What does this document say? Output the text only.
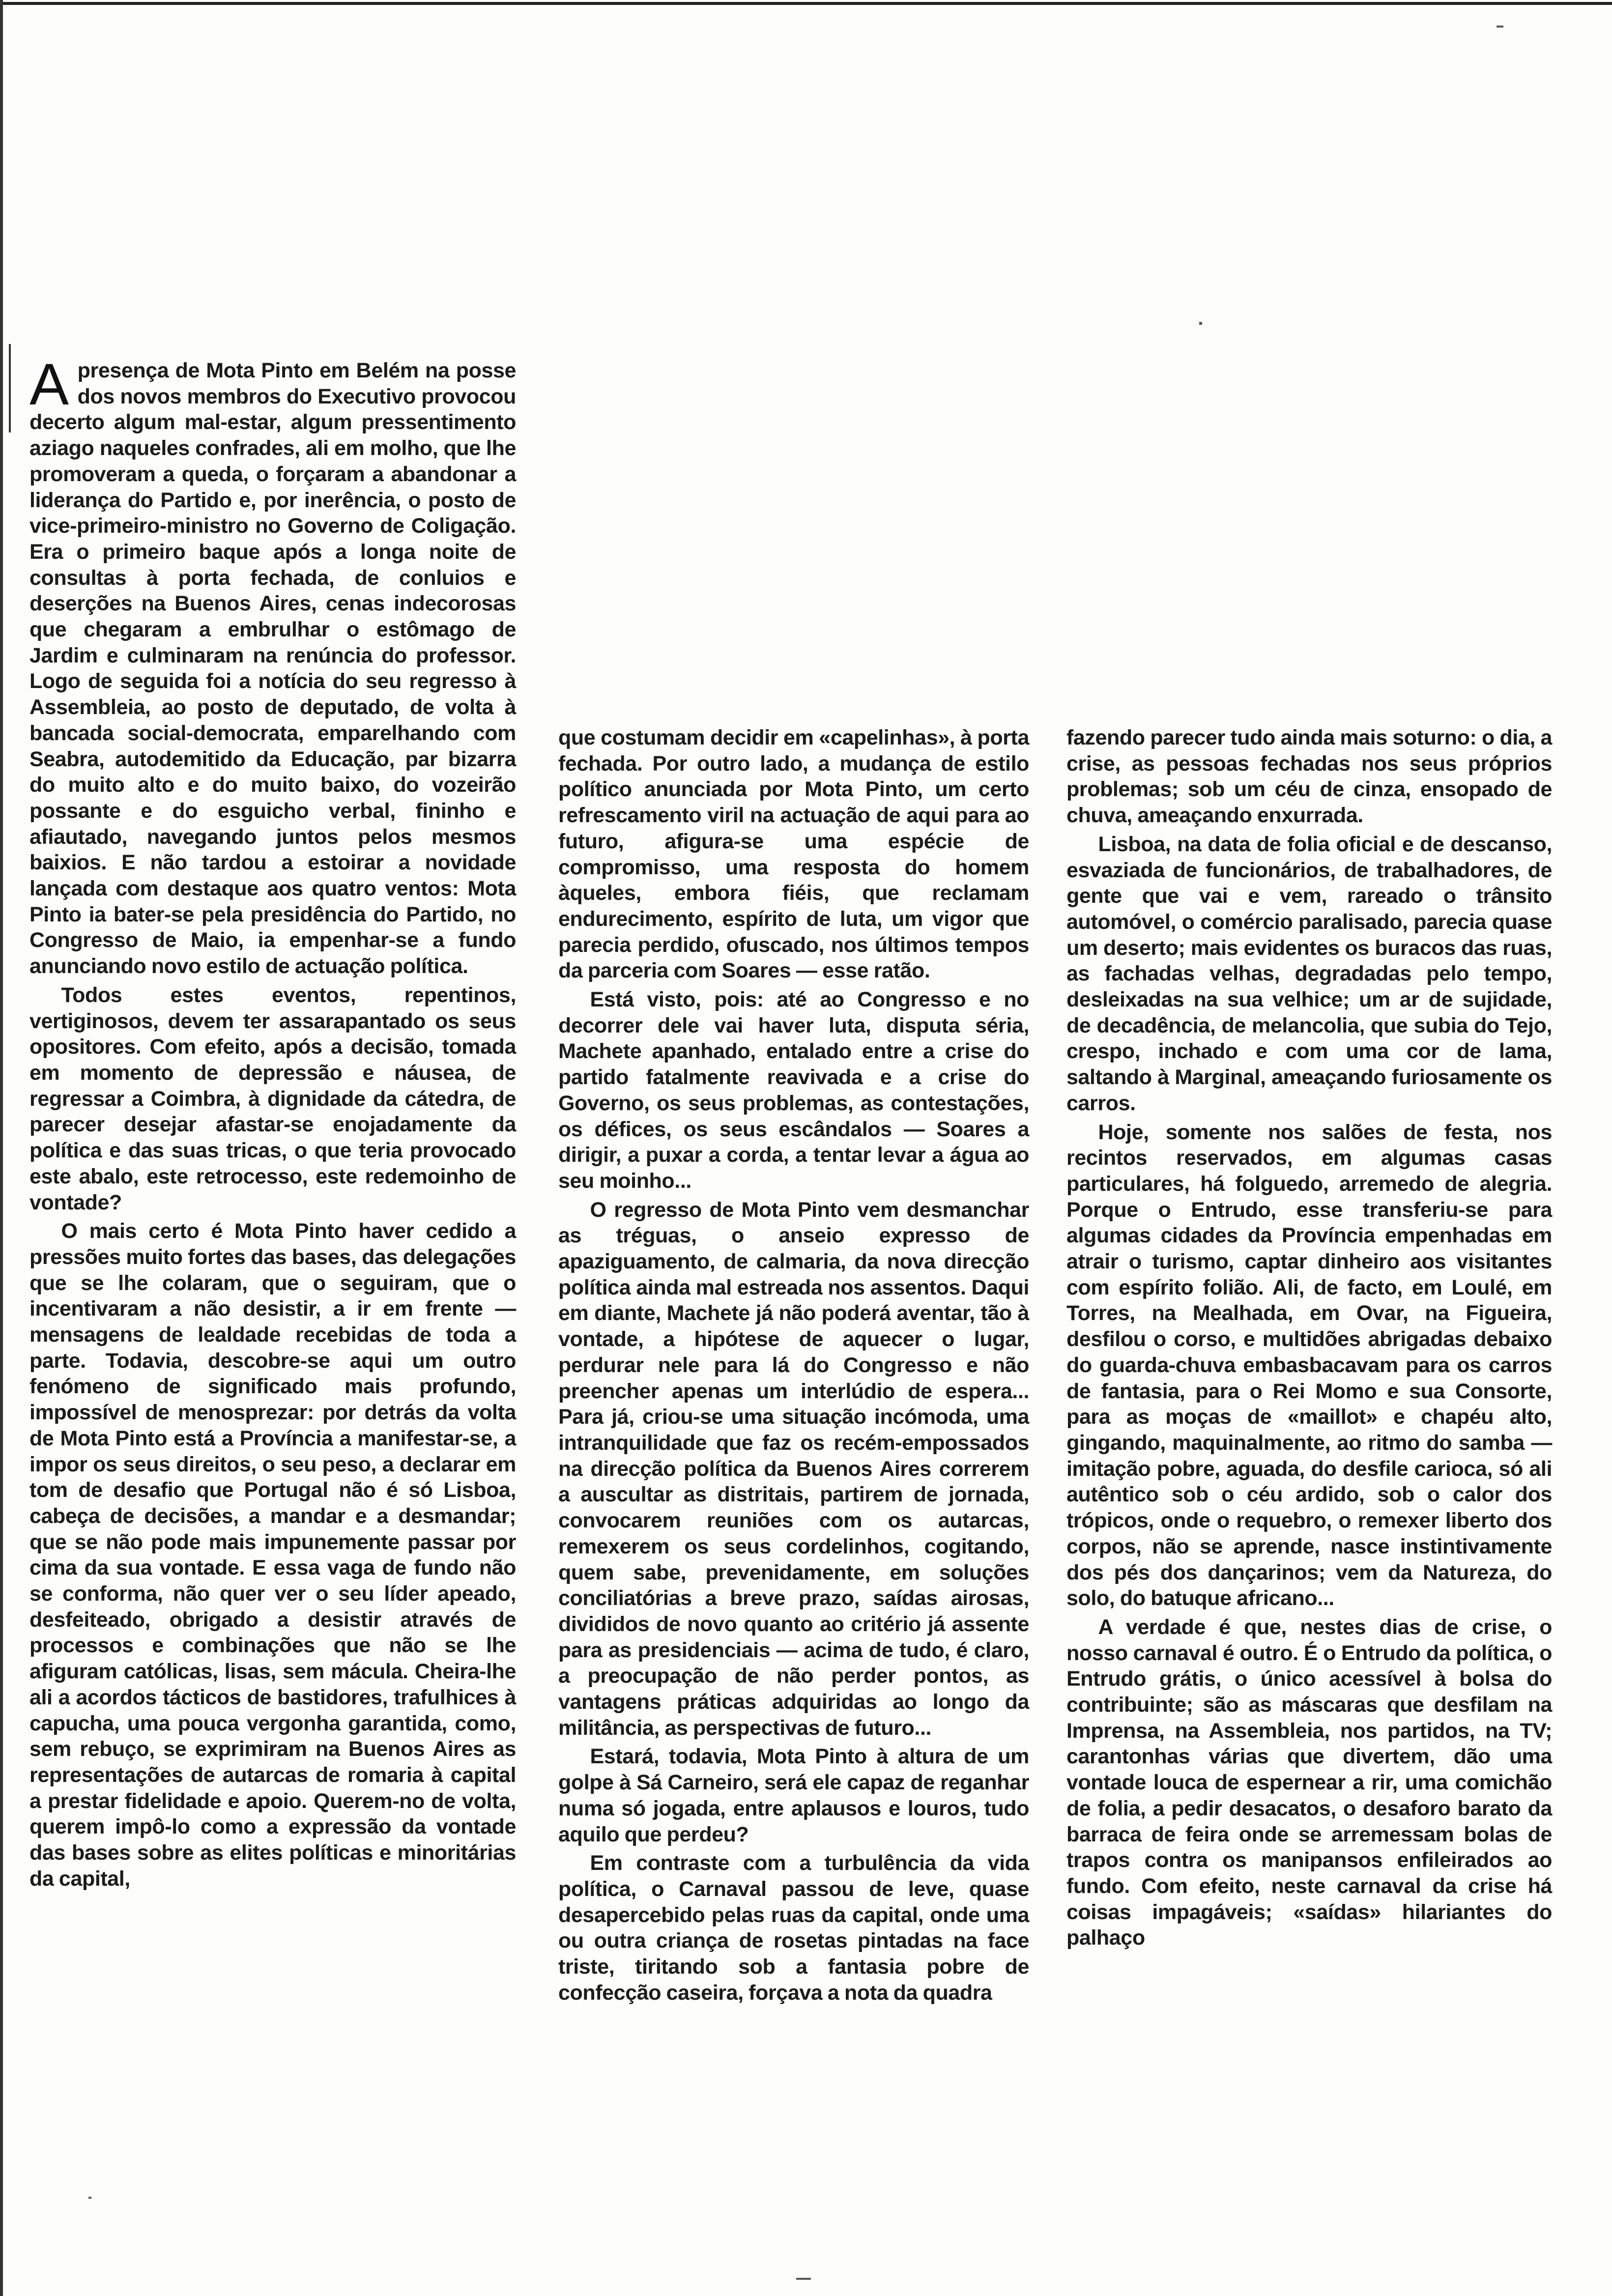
Apresença de Mota Pinto em Belém na posse dos novos membros do Executivo provocou decerto algum mal-estar, algum pressentimento aziago naqueles confrades, ali em molho, que lhe promoveram a queda, o forçaram a abandonar a liderança do Partido e, por inerência, o posto de vice-primeiro-ministro no Governo de Coligação. Era o primeiro baque após a longa noite de consultas à porta fechada, de conluios e deserções na Buenos Aires, cenas indecorosas que chegaram a embrulhar o estômago de Jardim e culminaram na renúncia do professor. Logo de seguida foi a notícia do seu regresso à Assembleia, ao posto de deputado, de volta à bancada social-democrata, emparelhando com Seabra, autodemitido da Educação, par bizarra do muito alto e do muito baixo, do vozeirão possante e do esguicho verbal, fininho e afiautado, navegando juntos pelos mesmos baixios. E não tardou a estoirar a novidade lançada com destaque aos quatro ventos: Mota Pinto ia bater-se pela presidência do Partido, no Congresso de Maio, ia empenhar-se a fundo anunciando novo estilo de actuação política.

Todos estes eventos, repentinos, vertiginosos, devem ter assarapantado os seus opositores. Com efeito, após a decisão, tomada em momento de depressão e náusea, de regressar a Coimbra, à dignidade da cátedra, de parecer desejar afastar-se enojadamente da política e das suas tricas, o que teria provocado este abalo, este retrocesso, este redemoinho de vontade?

O mais certo é Mota Pinto haver cedido a pressões muito fortes das bases, das delegações que se lhe colaram, que o seguiram, que o incentivaram a não desistir, a ir em frente — mensagens de lealdade recebidas de toda a parte. Todavia, descobre-se aqui um outro fenómeno de significado mais profundo, impossível de menosprezar: por detrás da volta de Mota Pinto está a Província a manifestar-se, a impor os seus direitos, o seu peso, a declarar em tom de desafio que Portugal não é só Lisboa, cabeça de decisões, a mandar e a desmandar; que se não pode mais impunemente passar por cima da sua vontade. E essa vaga de fundo não se conforma, não quer ver o seu líder apeado, desfeiteado, obrigado a desistir através de processos e combinações que não se lhe afiguram católicas, lisas, sem mácula. Cheira-lhe ali a acordos tácticos de bastidores, trafulhices à capucha, uma pouca vergonha garantida, como, sem rebuço, se exprimiram na Buenos Aires as representações de autarcas de romaria à capital a prestar fidelidade e apoio. Querem-no de volta, querem impô-lo como a expressão da vontade das bases sobre as elites políticas e minoritárias da capital,

que costumam decidir em «capelinhas», à porta fechada. Por outro lado, a mudança de estilo político anunciada por Mota Pinto, um certo refrescamento viril na actuação de aqui para ao futuro, afigura-se uma espécie de compromisso, uma resposta do homem àqueles, embora fiéis, que reclamam endurecimento, espírito de luta, um vigor que parecia perdido, ofuscado, nos últimos tempos da parceria com Soares — esse ratão.

Está visto, pois: até ao Congresso e no decorrer dele vai haver luta, disputa séria, Machete apanhado, entalado entre a crise do partido fatalmente reavivada e a crise do Governo, os seus problemas, as contestações, os défices, os seus escândalos — Soares a dirigir, a puxar a corda, a tentar levar a água ao seu moinho...

O regresso de Mota Pinto vem desmanchar as tréguas, o anseio expresso de apaziguamento, de calmaria, da nova direcção política ainda mal estreada nos assentos. Daqui em diante, Machete já não poderá aventar, tão à vontade, a hipótese de aquecer o lugar, perdurar nele para lá do Congresso e não preencher apenas um interlúdio de espera... Para já, criou-se uma situação incómoda, uma intranquilidade que faz os recém-empossados na direcção política da Buenos Aires correrem a auscultar as distritais, partirem de jornada, convocarem reuniões com os autarcas, remexerem os seus cordelinhos, cogitando, quem sabe, prevenidamente, em soluções conciliatórias a breve prazo, saídas airosas, divididos de novo quanto ao critério já assente para as presidenciais — acima de tudo, é claro, a preocupação de não perder pontos, as vantagens práticas adquiridas ao longo da militância, as perspectivas de futuro...

Estará, todavia, Mota Pinto à altura de um golpe à Sá Carneiro, será ele capaz de reganhar numa só jogada, entre aplausos e louros, tudo aquilo que perdeu?

Em contraste com a turbulência da vida política, o Carnaval passou de leve, quase desapercebido pelas ruas da capital, onde uma ou outra criança de rosetas pintadas na face triste, tiritando sob a fantasia pobre de confecção caseira, forçava a nota da quadra

fazendo parecer tudo ainda mais soturno: o dia, a crise, as pessoas fechadas nos seus próprios problemas; sob um céu de cinza, ensopado de chuva, ameaçando enxurrada.

Lisboa, na data de folia oficial e de descanso, esvaziada de funcionários, de trabalhadores, de gente que vai e vem, rareado o trânsito automóvel, o comércio paralisado, parecia quase um deserto; mais evidentes os buracos das ruas, as fachadas velhas, degradadas pelo tempo, desleixadas na sua velhice; um ar de sujidade, de decadência, de melancolia, que subia do Tejo, crespo, inchado e com uma cor de lama, saltando à Marginal, ameaçando furiosamente os carros.

Hoje, somente nos salões de festa, nos recintos reservados, em algumas casas particulares, há folguedo, arremedo de alegria. Porque o Entrudo, esse transferiu-se para algumas cidades da Província empenhadas em atrair o turismo, captar dinheiro aos visitantes com espírito folião. Ali, de facto, em Loulé, em Torres, na Mealhada, em Ovar, na Figueira, desfilou o corso, e multidões abrigadas debaixo do guarda-chuva embasbacavam para os carros de fantasia, para o Rei Momo e sua Consorte, para as moças de «maillot» e chapéu alto, gingando, maquinalmente, ao ritmo do samba — imitação pobre, aguada, do desfile carioca, só ali autêntico sob o céu ardido, sob o calor dos trópicos, onde o requebro, o remexer liberto dos corpos, não se aprende, nasce instintivamente dos pés dos dançarinos; vem da Natureza, do solo, do batuque africano...

A verdade é que, nestes dias de crise, o nosso carnaval é outro. É o Entrudo da política, o Entrudo grátis, o único acessível à bolsa do contribuinte; são as máscaras que desfilam na Imprensa, na Assembleia, nos partidos, na TV; carantonhas várias que divertem, dão uma vontade louca de espernear a rir, uma comichão de folia, a pedir desacatos, o desaforo barato da barraca de feira onde se arremessam bolas de trapos contra os manipansos enfileirados ao fundo. Com efeito, neste carnaval da crise há coisas impagáveis; «saídas» hilariantes do palhaço
